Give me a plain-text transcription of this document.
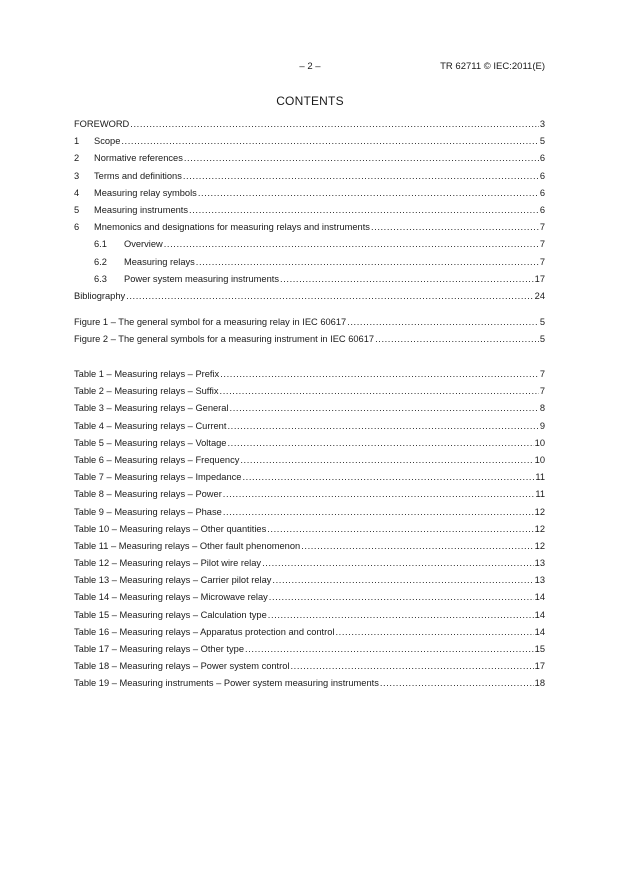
– 2 –	TR 62711 © IEC:2011(E)
CONTENTS
FOREWORD .....	3
1	Scope .....	5
2	Normative references .....	6
3	Terms and definitions .....	6
4	Measuring relay symbols .....	6
5	Measuring instruments .....	6
6	Mnemonics and designations for measuring relays and instruments .....	7
6.1	Overview .....	7
6.2	Measuring relays .....	7
6.3	Power system measuring instruments .....	17
Bibliography .....	24
Figure 1 – The general symbol for a measuring relay in IEC 60617 .....	5
Figure 2 – The general symbols for a measuring instrument in IEC 60617 .....	5
Table 1 – Measuring relays – Prefix .....	7
Table 2 – Measuring relays – Suffix .....	7
Table 3 – Measuring relays – General .....	8
Table 4 – Measuring relays – Current .....	9
Table 5 – Measuring relays – Voltage .....	10
Table 6 – Measuring relays – Frequency .....	10
Table 7 – Measuring relays – Impedance .....	11
Table 8 – Measuring relays – Power .....	11
Table 9 – Measuring relays – Phase .....	12
Table 10 – Measuring relays – Other quantities .....	12
Table 11 – Measuring relays – Other fault phenomenon .....	12
Table 12 – Measuring relays – Pilot wire relay .....	13
Table 13 – Measuring relays – Carrier pilot relay .....	13
Table 14 – Measuring relays – Microwave relay .....	14
Table 15 – Measuring relays – Calculation type .....	14
Table 16 – Measuring relays – Apparatus protection and control .....	14
Table 17 – Measuring relays – Other type .....	15
Table 18 – Measuring relays – Power system control .....	17
Table 19 – Measuring instruments – Power system measuring instruments .....	18
